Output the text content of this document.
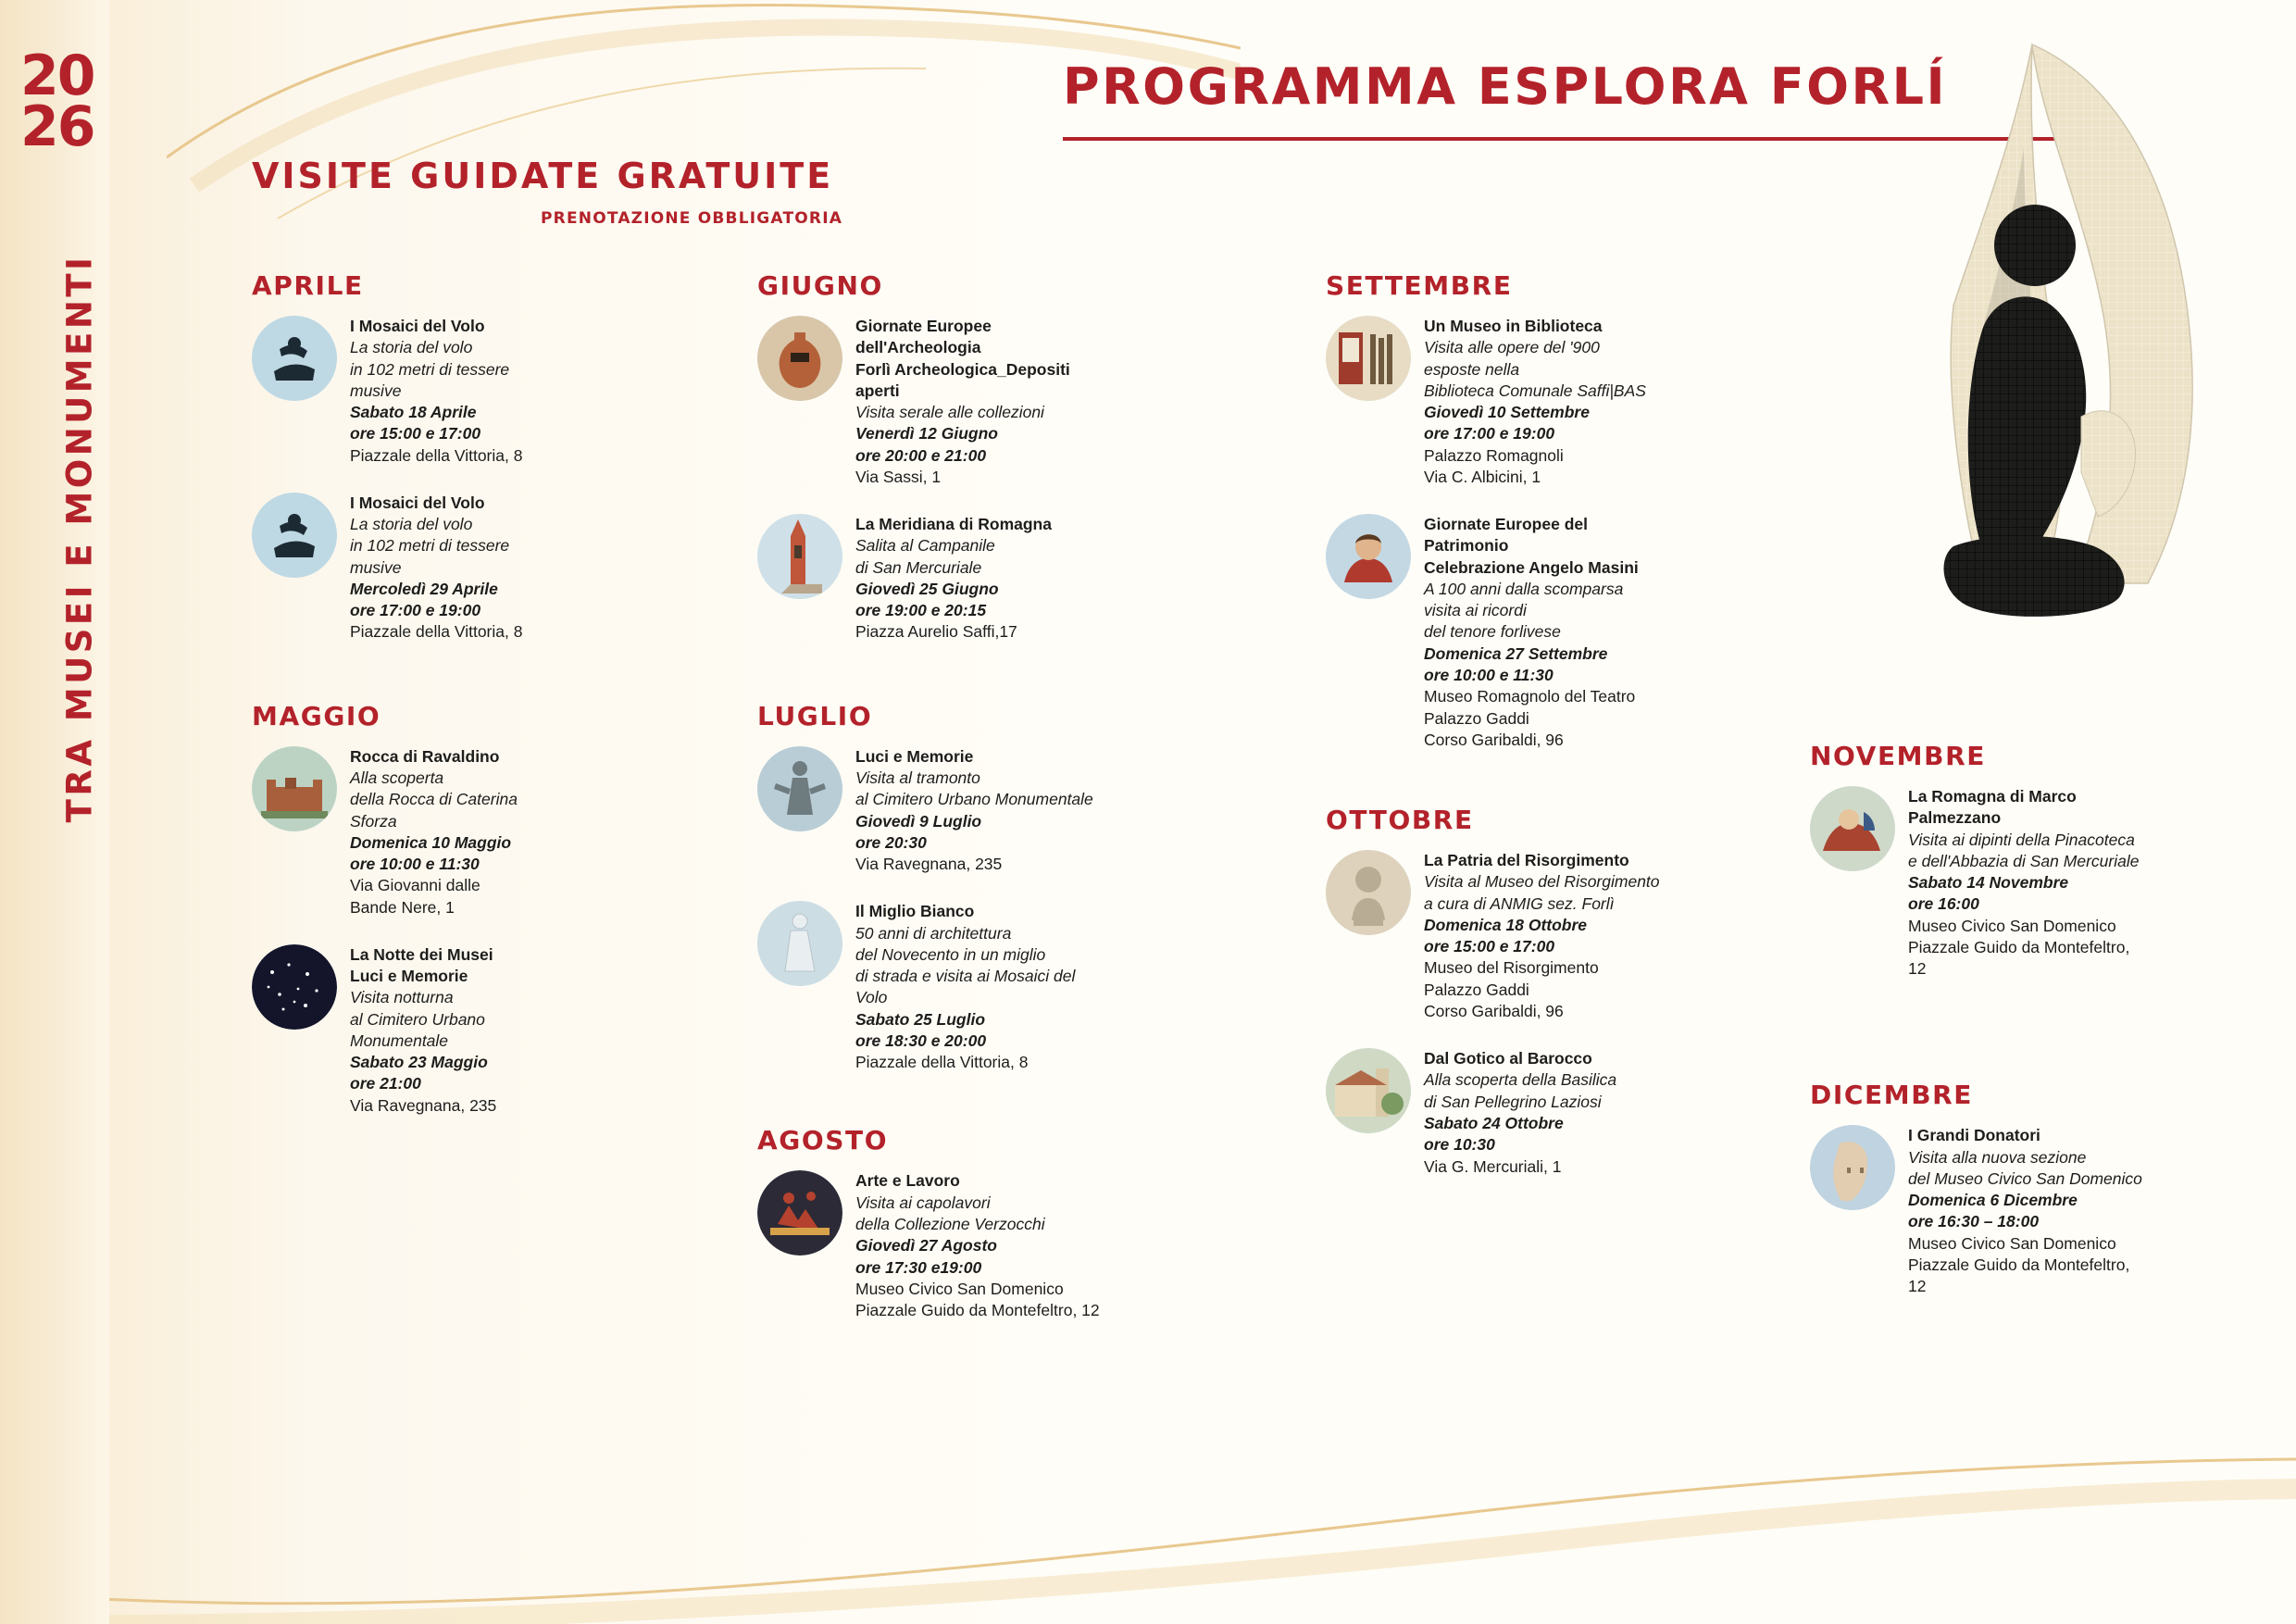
20
26
TRA MUSEI E MONUMENTI
PROGRAMMA ESPLORA FORLÍ
VISITE GUIDATE GRATUITE
PRENOTAZIONE OBBLIGATORIA
APRILE
I Mosaici del Volo
La storia del volo
in 102 metri di tessere musive
Sabato 18 Aprile
ore 15:00 e 17:00
Piazzale della Vittoria, 8
I Mosaici del Volo
La storia del volo
in 102 metri di tessere musive
Mercoledì 29 Aprile
ore 17:00 e 19:00
Piazzale della Vittoria, 8
MAGGIO
Rocca di Ravaldino
Alla scoperta
della Rocca di Caterina Sforza
Domenica 10 Maggio
ore 10:00 e 11:30
Via Giovanni dalle Bande Nere, 1
La Notte dei Musei
Luci e Memorie
Visita notturna
al Cimitero Urbano Monumentale
Sabato 23 Maggio
ore 21:00
Via Ravegnana, 235
GIUGNO
Giornate Europee dell'Archeologia
Forlì Archeologica_Depositi aperti
Visita serale alle collezioni
Venerdì 12 Giugno
ore 20:00 e 21:00
Via Sassi, 1
La Meridiana di Romagna
Salita al Campanile
di San Mercuriale
Giovedì 25 Giugno
ore 19:00 e 20:15
Piazza Aurelio Saffi,17
LUGLIO
Luci e Memorie
Visita al tramonto
al Cimitero Urbano Monumentale
Giovedì 9 Luglio
ore 20:30
Via Ravegnana, 235
Il Miglio Bianco
50 anni di architettura
del Novecento in un miglio
di strada e visita ai Mosaici del Volo
Sabato 25 Luglio
ore 18:30 e 20:00
Piazzale della Vittoria, 8
AGOSTO
Arte e Lavoro
Visita ai capolavori
della Collezione Verzocchi
Giovedì 27 Agosto
ore 17:30 e19:00
Museo Civico San Domenico
Piazzale Guido da Montefeltro, 12
SETTEMBRE
Un Museo in Biblioteca
Visita alle opere del '900
esposte nella
Biblioteca Comunale Saffi|BAS
Giovedì 10 Settembre
ore 17:00 e 19:00
Palazzo Romagnoli
Via C. Albicini, 1
Giornate Europee del Patrimonio
Celebrazione Angelo Masini
A 100 anni dalla scomparsa
visita ai ricordi
del tenore forlivese
Domenica 27 Settembre
ore 10:00 e 11:30
Museo Romagnolo del Teatro
Palazzo Gaddi
Corso Garibaldi, 96
OTTOBRE
La Patria del Risorgimento
Visita al Museo del Risorgimento
a cura di ANMIG sez. Forlì
Domenica 18 Ottobre
ore 15:00 e 17:00
Museo del Risorgimento
Palazzo Gaddi
Corso Garibaldi, 96
Dal Gotico al Barocco
Alla scoperta della Basilica
di San Pellegrino Laziosi
Sabato 24 Ottobre
ore 10:30
Via G. Mercuriali, 1
NOVEMBRE
La Romagna di Marco Palmezzano
Visita ai dipinti della Pinacoteca
e dell'Abbazia di San Mercuriale
Sabato 14 Novembre
ore 16:00
Museo Civico San Domenico
Piazzale Guido da Montefeltro, 12
DICEMBRE
I Grandi Donatori
Visita alla nuova sezione
del Museo Civico San Domenico
Domenica 6 Dicembre
ore 16:30 – 18:00
Museo Civico San Domenico
Piazzale Guido da Montefeltro, 12
